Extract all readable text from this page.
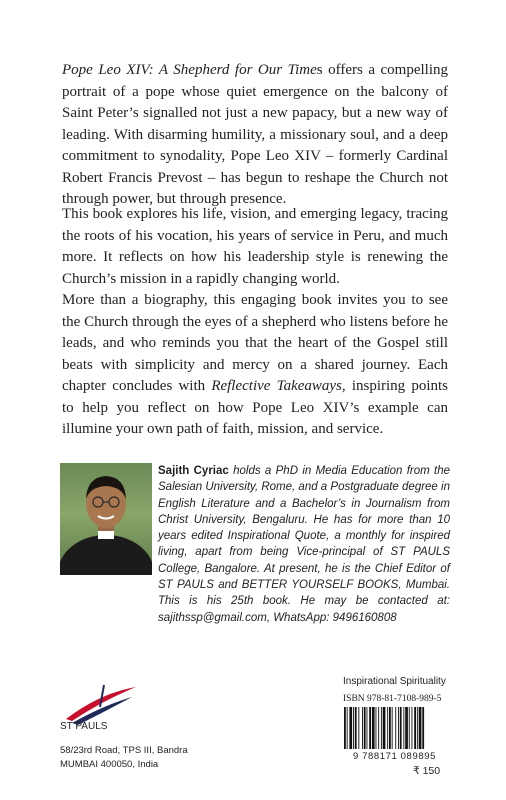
Pope Leo XIV: A Shepherd for Our Times offers a compelling portrait of a pope whose quiet emergence on the balcony of Saint Peter’s signalled not just a new papacy, but a new way of leading. With disarming humility, a missionary soul, and a deep commitment to synodality, Pope Leo XIV – formerly Cardinal Robert Francis Prevost – has begun to reshape the Church not through power, but through presence.

This book explores his life, vision, and emerging legacy, tracing the roots of his vocation, his years of service in Peru, and much more. It reflects on how his leadership style is renewing the Church’s mission in a rapidly changing world.

More than a biography, this engaging book invites you to see the Church through the eyes of a shepherd who listens before he leads, and who reminds you that the heart of the Gospel still beats with simplicity and mercy on a shared journey. Each chapter concludes with Reflective Takeaways, inspiring points to help you reflect on how Pope Leo XIV’s example can illumine your own path of faith, mission, and service.

Sajith Cyriac holds a PhD in Media Education from the Salesian University, Rome, and a Postgraduate degree in English Literature and a Bachelor’s in Journalism from Christ University, Bengaluru. He has for more than 10 years edited Inspirational Quote, a monthly for inspired living, apart from being Vice-principal of ST PAULS College, Bangalore. At present, he is the Chief Editor of ST PAULS and BETTER YOURSELF BOOKS, Mumbai. This is his 25th book. He may be contacted at: sajithssp@gmail.com, WhatsApp: 9496160808
ST PAULS
58/23rd Road, TPS III, Bandra
MUMBAI 400050, India
Inspirational Spirituality
ISBN 978-81-7108-989-5
9 788171 089895
₹ 150
